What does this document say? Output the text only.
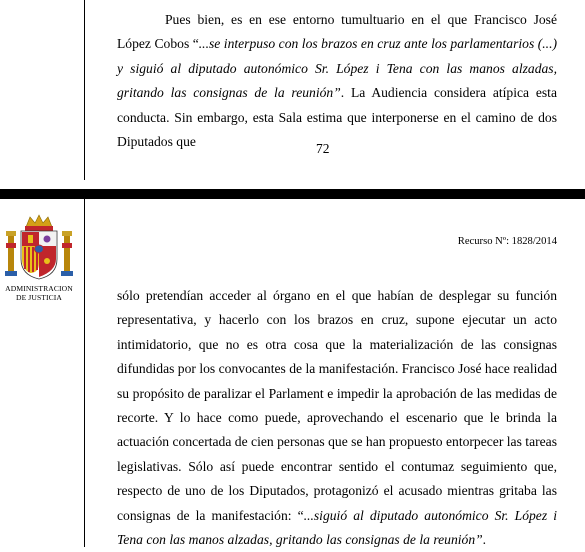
Pues bien, es en ese entorno tumultuario en el que Francisco José López Cobos “...se interpuso con los brazos en cruz ante los parlamentarios (...) y siguió al diputado autonómico Sr. López i Tena con las manos alzadas, gritando las consignas de la reunión”. La Audiencia considera atípica esta conducta. Sin embargo, esta Sala estima que interponerse en el camino de dos Diputados que	72
ADMINISTRACION
DE JUSTICIA
Recurso Nº: 1828/2014

sólo pretendían acceder al órgano en el que habían de desplegar su función representativa, y hacerlo con los brazos en cruz, supone ejecutar un acto intimidatorio, que no es otra cosa que la materialización de las consignas difundidas por los convocantes de la manifestación. Francisco José hace realidad su propósito de paralizar el Parlament e impedir la aprobación de las medidas de recorte. Y lo hace como puede, aprovechando el escenario que le brinda la actuación concertada de cien personas que se han propuesto entorpecer las tareas legislativas. Sólo así puede encontrar sentido el contumaz seguimiento que, respecto de uno de los Diputados, protagonizó el acusado mientras gritaba las consignas de la manifestación: “...siguió al diputado autonómico Sr. López i Tena con las manos alzadas, gritando las consignas de la reunión”.
